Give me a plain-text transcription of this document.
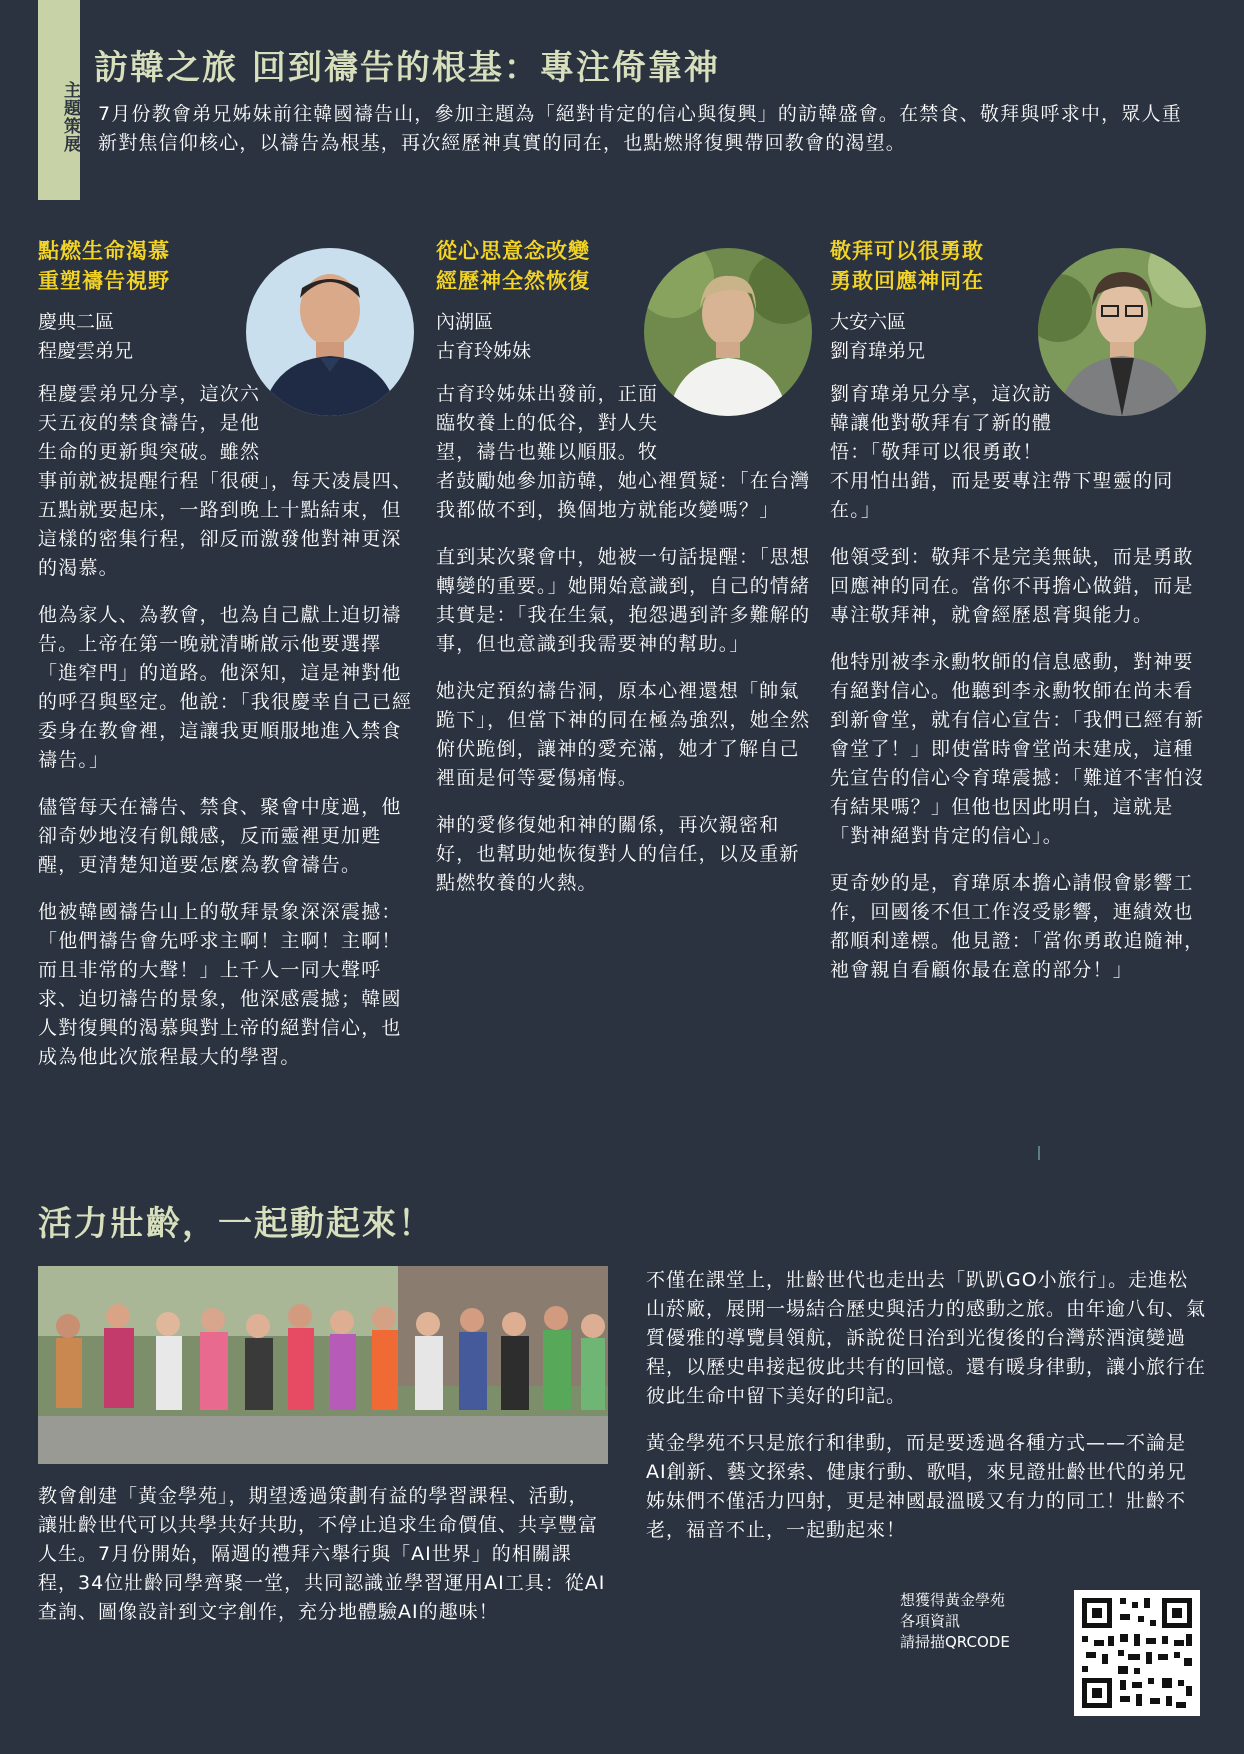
主題策展
訪韓之旅 回到禱告的根基：專注倚靠神
7月份教會弟兄姊妹前往韓國禱告山，參加主題為「絕對肯定的信心與復興」的訪韓盛會。在禁食、敬拜與呼求中，眾人重新對焦信仰核心，以禱告為根基，再次經歷神真實的同在，也點燃將復興帶回教會的渴望。
點燃生命渴慕
重塑禱告視野
慶典二區
程慶雲弟兄

程慶雲弟兄分享，這次六天五夜的禁食禱告，是他生命的更新與突破。雖然事前就被提醒行程「很硬」，每天凌晨四、五點就要起床，一路到晚上十點結束，但這樣的密集行程，卻反而激發他對神更深的渴慕。

他為家人、為教會，也為自己獻上迫切禱告。上帝在第一晚就清晰啟示他要選擇「進窄門」的道路。他深知，這是神對他的呼召與堅定。他說：「我很慶幸自己已經委身在教會裡，這讓我更順服地進入禁食禱告。」

儘管每天在禱告、禁食、聚會中度過，他卻奇妙地沒有飢餓感，反而靈裡更加甦醒，更清楚知道要怎麼為教會禱告。

他被韓國禱告山上的敬拜景象深深震撼：「他們禱告會先呼求主啊！主啊！主啊！而且非常的大聲！」上千人一同大聲呼求、迫切禱告的景象，他深感震撼；韓國人對復興的渴慕與對上帝的絕對信心，也成為他此次旅程最大的學習。

從心思意念改變
經歷神全然恢復
內湖區
古育玲姊妹

古育玲姊妹出發前，正面臨牧養上的低谷，對人失望，禱告也難以順服。牧者鼓勵她參加訪韓，她心裡質疑：「在台灣我都做不到，換個地方就能改變嗎？」

直到某次聚會中，她被一句話提醒：「思想轉變的重要。」她開始意識到，自己的情緒其實是：「我在生氣，抱怨遇到許多難解的事，但也意識到我需要神的幫助。」

她決定預約禱告洞，原本心裡還想「帥氣跪下」，但當下神的同在極為強烈，她全然俯伏跪倒，讓神的愛充滿，她才了解自己裡面是何等憂傷痛悔。

神的愛修復她和神的關係，再次親密和好，也幫助她恢復對人的信任，以及重新點燃牧養的火熱。

敬拜可以很勇敢
勇敢回應神同在
大安六區
劉育瑋弟兄

劉育瑋弟兄分享，這次訪韓讓他對敬拜有了新的體悟：「敬拜可以很勇敢！不用怕出錯，而是要專注帶下聖靈的同在。」

他領受到：敬拜不是完美無缺，而是勇敢回應神的同在。當你不再擔心做錯，而是專注敬拜神，就會經歷恩膏與能力。

他特別被李永勳牧師的信息感動，對神要有絕對信心。他聽到李永勳牧師在尚未看到新會堂，就有信心宣告：「我們已經有新會堂了！」即使當時會堂尚未建成，這種先宣告的信心令育瑋震撼：「難道不害怕沒有結果嗎？」但他也因此明白，這就是「對神絕對肯定的信心」。

更奇妙的是，育瑋原本擔心請假會影響工作，回國後不但工作沒受影響，連績效也都順利達標。他見證：「當你勇敢追隨神，祂會親自看顧你最在意的部分！」

活力壯齡，一起動起來！
教會創建「黃金學苑」，期望透過策劃有益的學習課程、活動，讓壯齡世代可以共學共好共助，不停止追求生命價值、共享豐富人生。7月份開始，隔週的禮拜六舉行與「AI世界」的相關課程，34位壯齡同學齊聚一堂，共同認識並學習運用AI工具：從AI查詢、圖像設計到文字創作，充分地體驗AI的趣味！

不僅在課堂上，壯齡世代也走出去「趴趴GO小旅行」。走進松山菸廠，展開一場結合歷史與活力的感動之旅。由年逾八旬、氣質優雅的導覽員領航，訴說從日治到光復後的台灣菸酒演變過程，以歷史串接起彼此共有的回憶。還有暖身律動，讓小旅行在彼此生命中留下美好的印記。

黃金學苑不只是旅行和律動，而是要透過各種方式——不論是AI創新、藝文探索、健康行動、歌唱，來見證壯齡世代的弟兄姊妹們不僅活力四射，更是神國最溫暖又有力的同工！壯齡不老，福音不止，一起動起來！

想獲得黃金學苑
各項資訊
請掃描QRCODE
